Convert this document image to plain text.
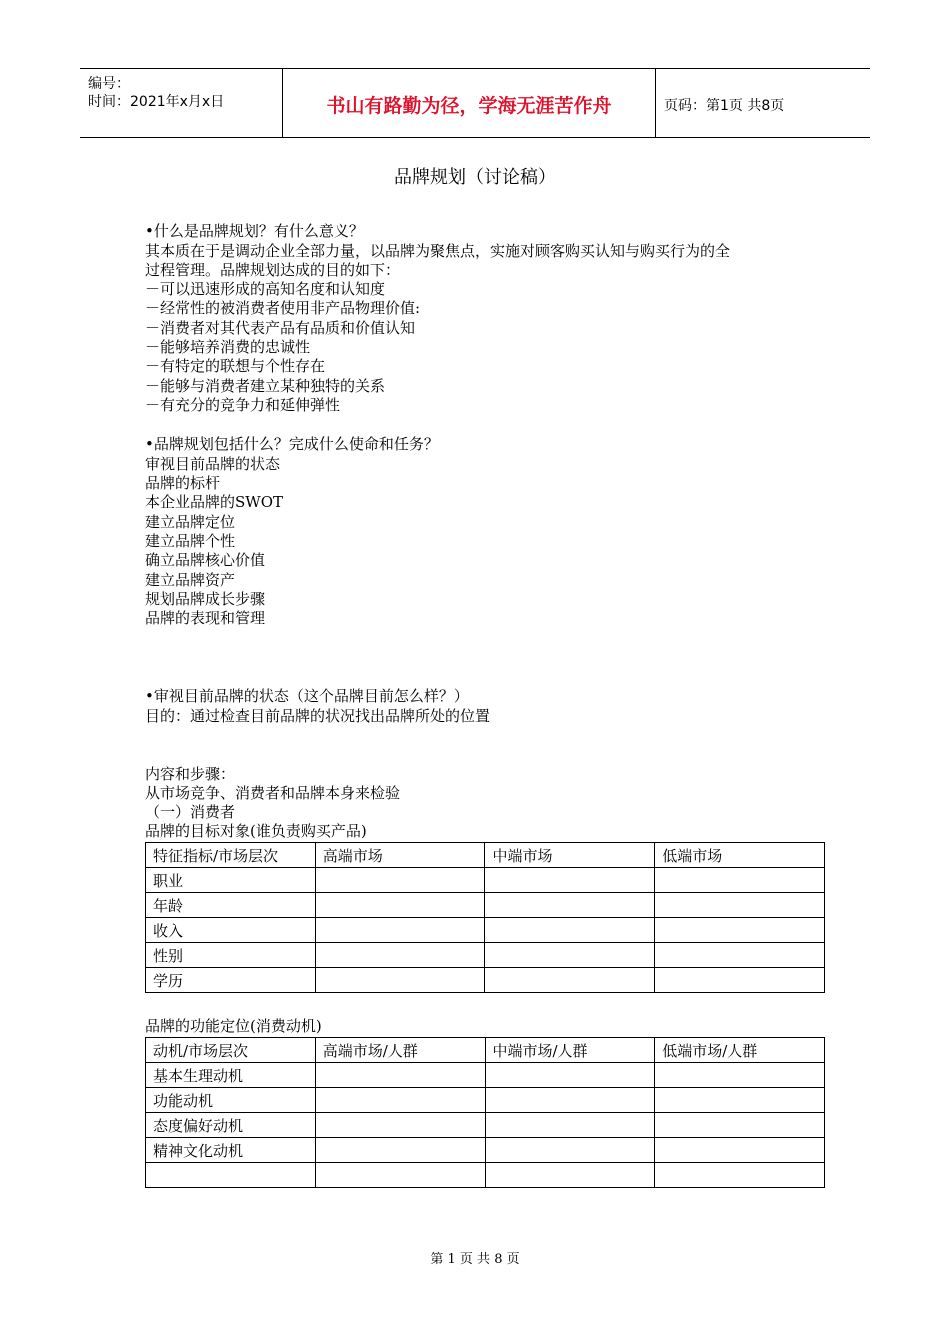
编号：
时间：2021年x月x日	书山有路勤为径，学海无涯苦作舟	页码：第1页 共8页
品牌规划（讨论稿）
•什么是品牌规划？有什么意义？
其本质在于是调动企业全部力量，以品牌为聚焦点，实施对顾客购买认知与购买行为的全
过程管理。品牌规划达成的目的如下：
－可以迅速形成的高知名度和认知度
－经常性的被消费者使用非产品物理价值:
－消费者对其代表产品有品质和价值认知
－能够培养消费的忠诚性
－有特定的联想与个性存在
－能够与消费者建立某种独特的关系
－有充分的竞争力和延伸弹性
•品牌规划包括什么？完成什么使命和任务？
审视目前品牌的状态
品牌的标杆
本企业品牌的SWOT
建立品牌定位
建立品牌个性
确立品牌核心价值
建立品牌资产
规划品牌成长步骤
品牌的表现和管理
•审视目前品牌的状态（这个品牌目前怎么样？）
目的：通过检查目前品牌的状况找出品牌所处的位置
内容和步骤：
从市场竞争、消费者和品牌本身来检验
（一）消费者
品牌的目标对象(谁负责购买产品)
特征指标/市场层次	高端市场	中端市场	低端市场
职业			
年龄			
收入			
性别			
学历			
品牌的功能定位(消费动机)
动机/市场层次	高端市场/人群	中端市场/人群	低端市场/人群
基本生理动机			
功能动机			
态度偏好动机			
精神文化动机			

第 1 页 共 8 页
